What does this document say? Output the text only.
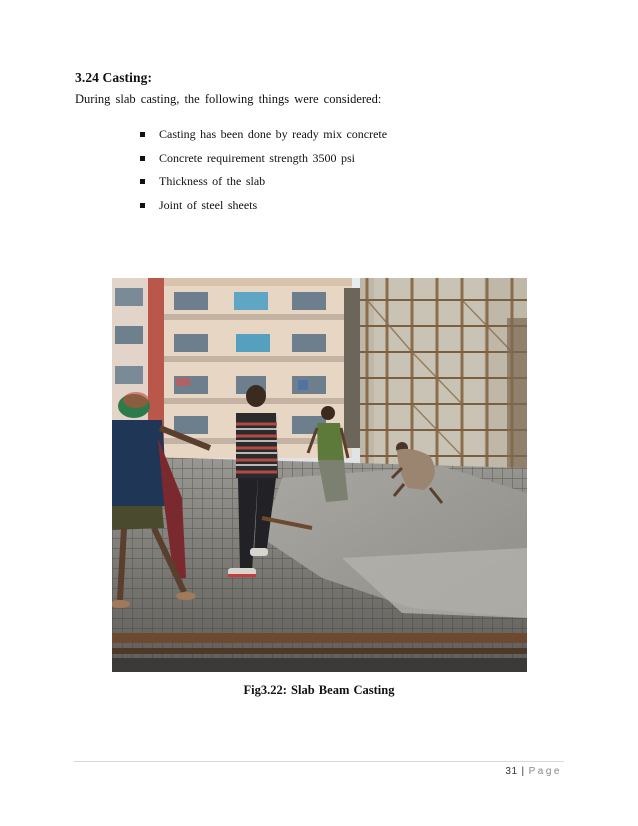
3.24 Casting:
During slab casting, the following things were considered:
Casting has been done by ready mix concrete
Concrete requirement strength 3500 psi
Thickness of the slab
Joint of steel sheets
Fig3.22: Slab Beam Casting
31 | Page
